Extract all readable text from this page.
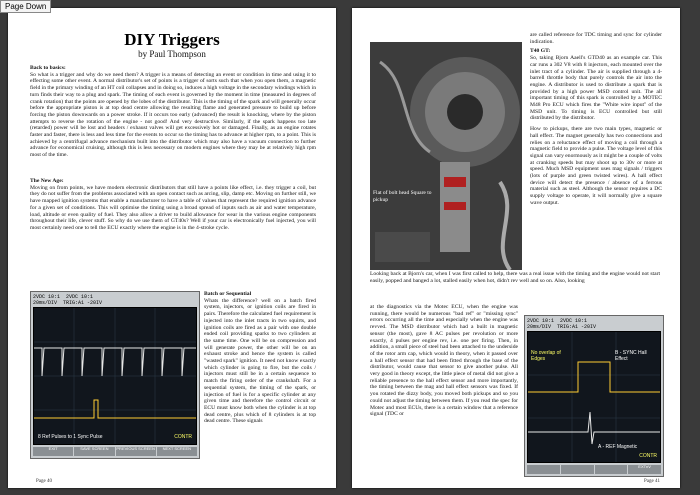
Page Down
DIY Triggers
by Paul Thompson
Back to basics:
So what is a trigger and why do we need them? A trigger is a means of detecting an event or condition in time and using it to effecting some other event. A normal distributor's set of points is a trigger of sorts such that when you open them, a magnetic field in the primary winding of an HT coil collapses and in doing so, induces a high voltage in the secondary windings which in turn finds their way to a plug and spark. The timing of each event is governed by the moment in time (measured in degrees of crank rotation) that the points are opened by the lobes of the distributor. This is the timing of the spark and will generally occur before the appropriate piston is at top dead centre allowing the resulting flame and generated pressure to build up before forcing the piston downwards on a power stroke. If it occurs too early (advanced) the result is knocking, where by the piston attempts to reverse the rotation of the engine - not good! And very destructive. Similarly, if the spark happens too late (retarded) power will be lost and headers / exhaust valves will get excessively hot or damaged. Finally, as an engine rotates faster and faster, there is less and less time for the events to occur so the timing has to advance at higher rpm, to a point. This is achieved by a centrifugal advance mechanism built into the distributor which may also have a vacuum connection to further advance for economical cruising, although this is less necessary on modern engines where they may be at relatively high rpm most of the time.
The New Age:
Moving on from points, we have modern electronic distributors that still have a points like effect, i.e. they trigger a coil, but they do not suffer from the problems associated with an open contact such as arcing, slip, damp etc. Moving on further still, we have mapped ignition systems that enable a manufacturer to have a table of values that represent the required ignition advance for a given set of conditions. This will optimise the timing using a broad spread of inputs such as air and water temperature, load, altitude or even quality of fuel. They also allow a driver to build allowance for wear in the various engine components throughout their life, clever stuff. So why do we use them of GT40s? Well if your car is electronically fuel injected, you will most certainly need one to tell the ECU exactly where the engine is in the 4-stroke cycle.
2VDC 10:1  2VDC 10:1
20ms/DIV  TRIG:A1 -20IV
8 Ref Pulses to 1 Sync Pulse	CONTR
EXIT	SAVE SCREEN	PREVIOUS SCREEN	NEXT SCREEN
Batch or Sequential
Whats the difference? well on a batch fired system, injectors, or ignition coils are fired in pairs. Therefore the calculated fuel requirement is injected into the inlet tracts in two squirts, and ignition coils are fired as a pair with one double ended coil providing sparks to two cylinders at the same time. One will be on compression and will generate power, the other will be on an exhaust stroke and hence the system is called "wasted spark" ignition. It need not know exactly which cylinder is going to fire, but the coils / injectors must still be in a certain sequence to match the firing order of the crankshaft. For a sequential system, the timing of the spark, or injection of fuel is for a specific cylinder at any given time and therefore the control circuit or ECU must know both when the cylinder is at top dead centre, plus which of 8 cylinders is at top dead centre. These signals
Page 40
Flat of bolt head Square to pickup
are called reference for TDC timing and sync for cylinder indication.
T40 GT:
So, taking Bjorn Aaell's GTD40 as an example car. This car runs a 302 V8 with 8 injectors, each mounted over the inlet tract of a cylinder. The air is supplied through a 4-barrell throttle body that purely controls the air into the engine. A distributor is used to distribute a spark that is provided by a high power MSD control unit. The all important timing of this spark is controlled by a MOTEC M48 Pro ECU which fires the "White wire input" of the MSD unit. To timing is ECU controlled but still distributed by the distributor.
How to pickups, there are two main types, magnetic or hall effect. The magnet generally has two connections and relies on a reluctance effect of moving a coil through a magnetic field to provide a pulse. The voltage level of this signal can vary enormously as it might be a couple of volts at cranking speeds but may shoot up to 30v or more at speed. Much MSD equipment uses mag signals / triggers (lots of purple and green twisted wires). A hall effect device will detect the presence / absence of a ferrous material such as steel. Although the sensor requires a DC supply voltage to operate, it will normally give a square wave output.
Looking back at Bjorn's car, when I was first called to help, there was a real issue with the timing and the engine would not start easily, popped and banged a lot, stalled easily when hot, didn't rev well and so on. Also, looking
2VDC 10:1  2VDC 10:1
20ms/DIV  TRIG:A1 -20IV
No overlap of Edges
B - SYNC Hall Effect
A - REF Magnetic
CONTR
EXTnV
at the diagnostics via the Motec ECU, when the engine was running, there would be numerous "bad ref" or "missing sync" errors occurring all the time and especially when the engine was revved. The MSD distributor which had a built in magnetic sensor (the most), gave 8 AC pulses per revolution or more exactly, 4 pulses per engine rev, i.e. one per firing. Then, in addition, a small piece of steel had been attached to the underside of the rotor arm cap, which would in theory, when it passed over a hall effect sensor that had been fitted through the base of the distributor, would cause that sensor to give another pulse. All very good in theory except, the little piece of metal did not give a reliable presence to the hall effect sensor and more importantly, the timing between the mag and hall effect sensors was fixed. If you rotated the dizzy body, you moved both pickups and so you could not adjust the timing between them. If you read the spec for Motec and most ECUs, there is a certain window that a reference signal (TDC or
Page 41
